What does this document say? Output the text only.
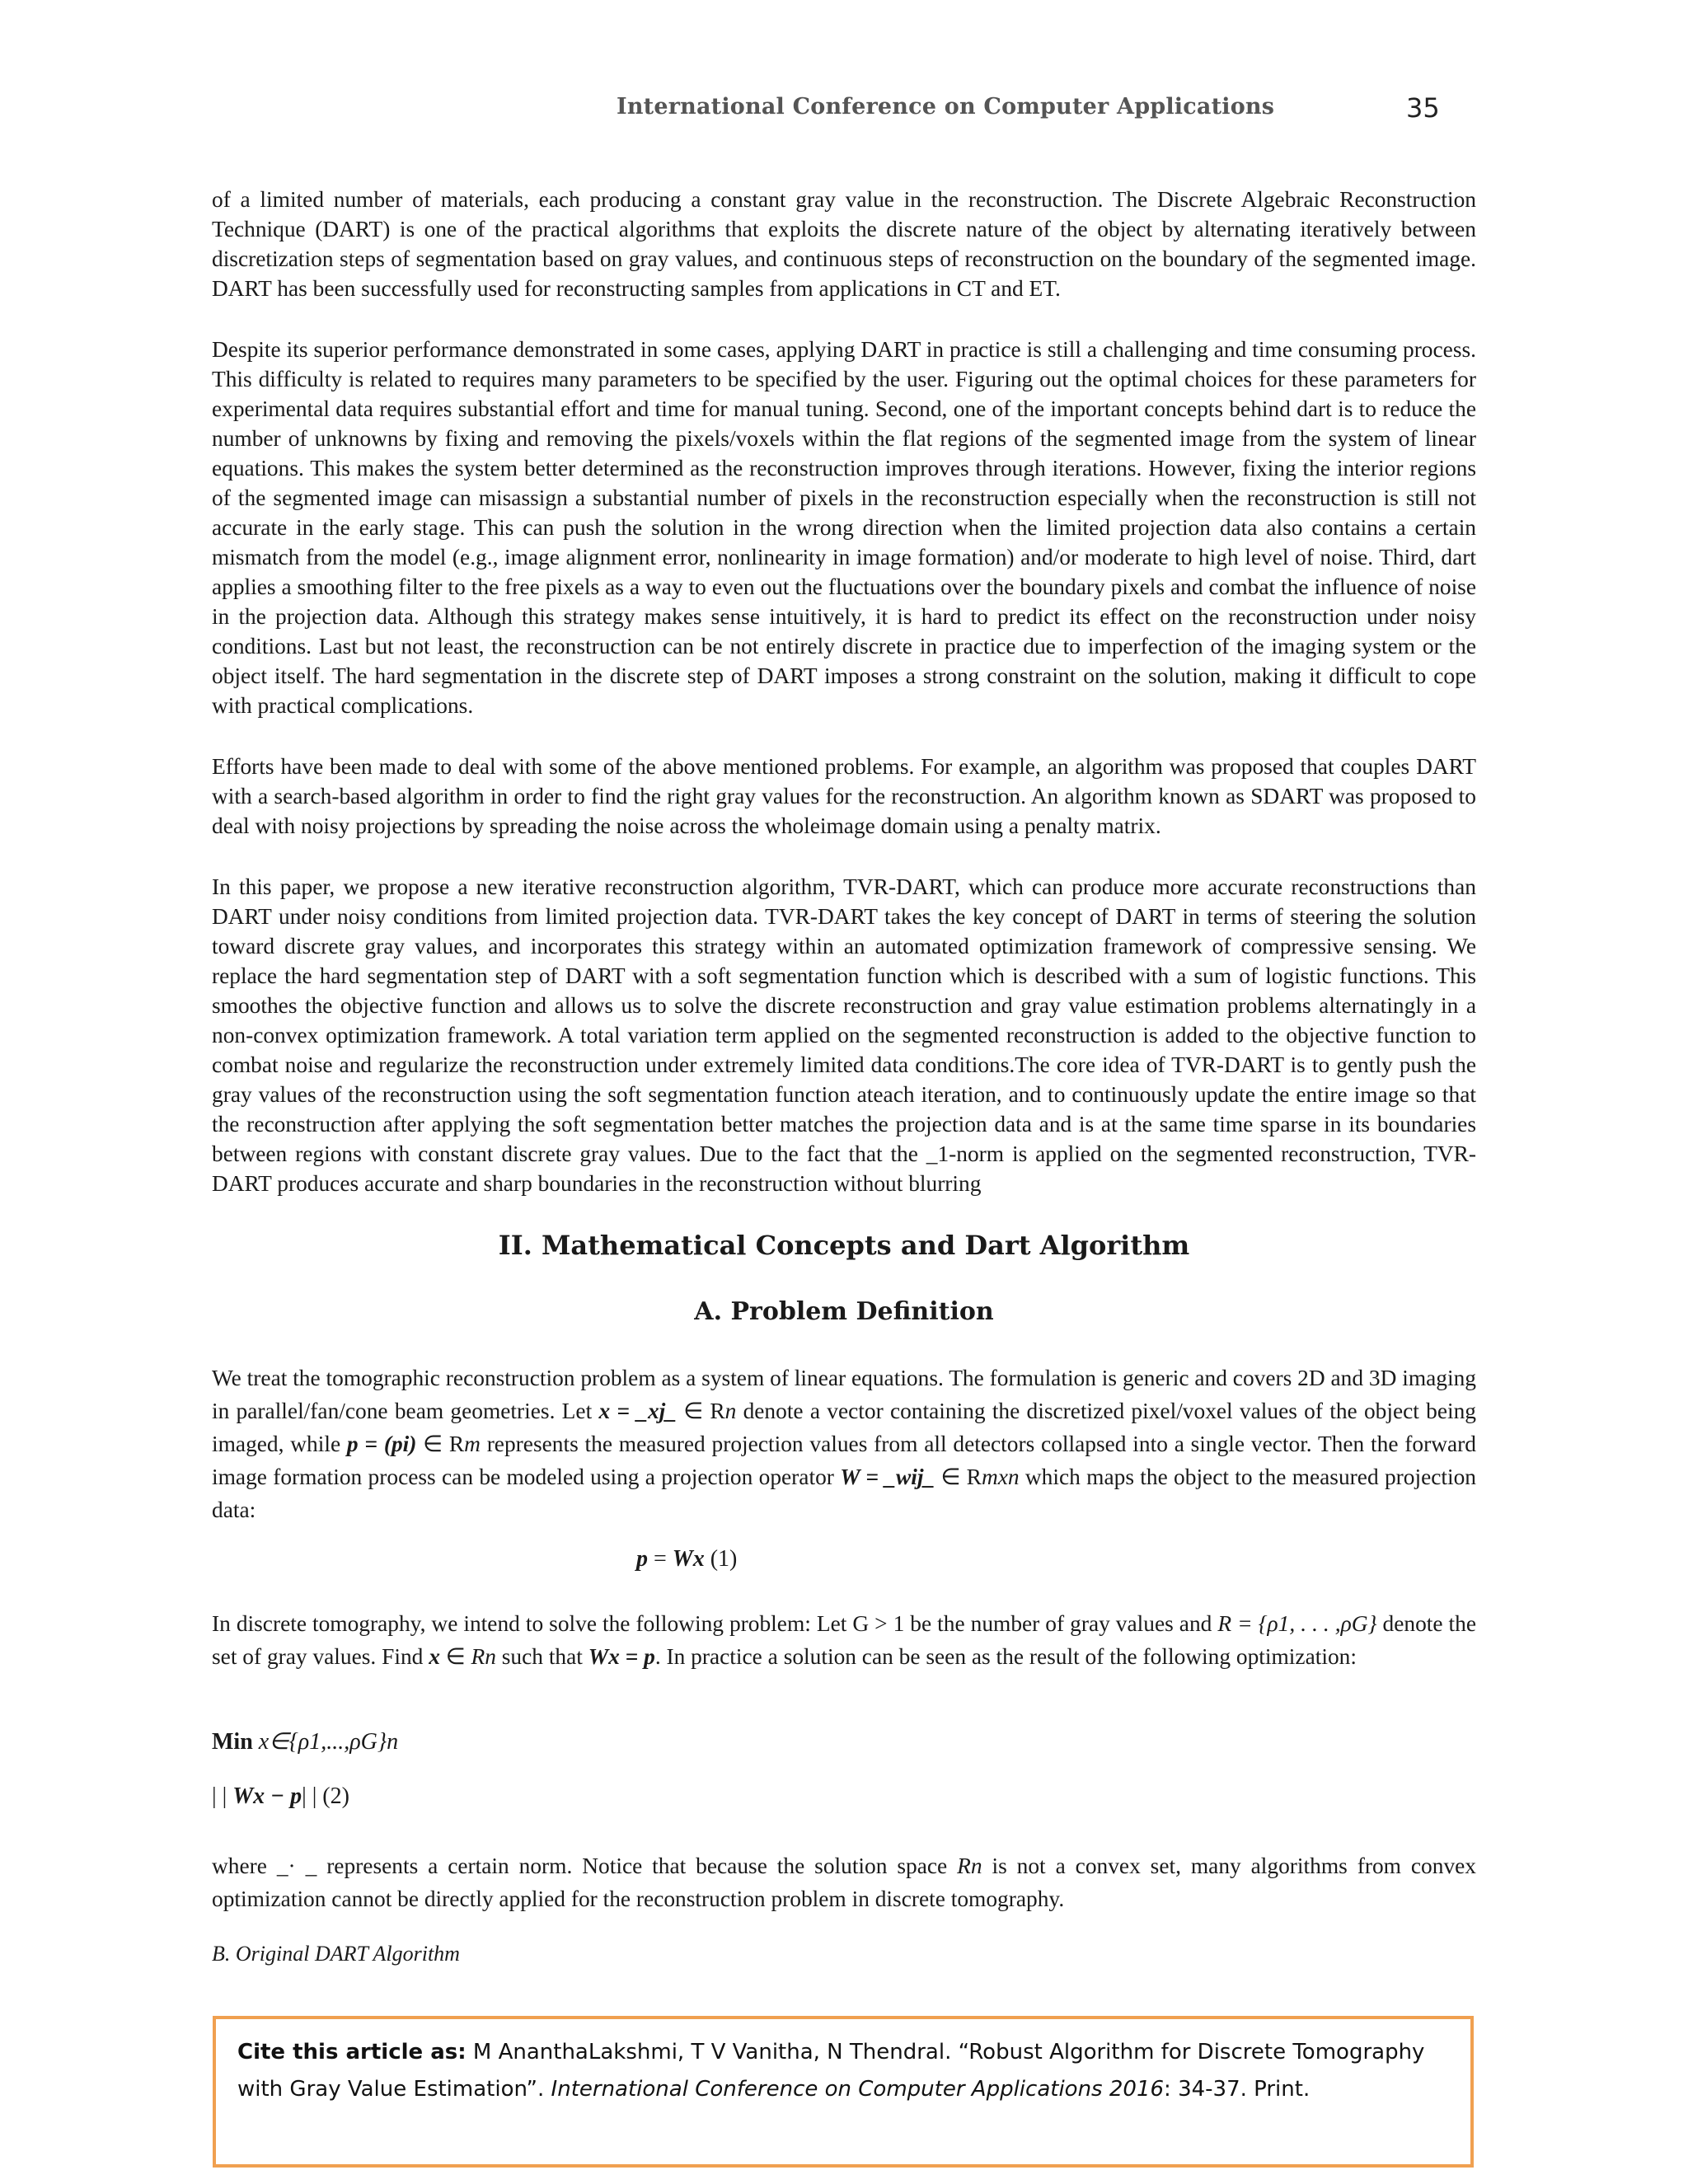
International Conference on Computer Applications	35

of a limited number of materials, each producing a constant gray value in the reconstruction. The Discrete Algebraic Reconstruction Technique (DART) is one of the practical algorithms that exploits the discrete nature of the object by alternating iteratively between discretization steps of segmentation based on gray values, and continuous steps of reconstruction on the boundary of the segmented image. DART has been successfully used for reconstructing samples from applications in CT and ET.

Despite its superior performance demonstrated in some cases, applying DART in practice is still a challenging and time consuming process. This difficulty is related to requires many parameters to be specified by the user. Figuring out the optimal choices for these parameters for experimental data requires substantial effort and time for manual tuning. Second, one of the important concepts behind dart is to reduce the number of unknowns by fixing and removing the pixels/voxels within the flat regions of the segmented image from the system of linear equations. This makes the system better determined as the reconstruction improves through iterations. However, fixing the interior regions of the segmented image can misassign a substantial number of pixels in the reconstruction especially when the reconstruction is still not accurate in the early stage. This can push the solution in the wrong direction when the limited projection data also contains a certain mismatch from the model (e.g., image alignment error, nonlinearity in image formation) and/or moderate to high level of noise. Third, dart applies a smoothing filter to the free pixels as a way to even out the fluctuations over the boundary pixels and combat the influence of noise in the projection data. Although this strategy makes sense intuitively, it is hard to predict its effect on the reconstruction under noisy conditions. Last but not least, the reconstruction can be not entirely discrete in practice due to imperfection of the imaging system or the object itself. The hard segmentation in the discrete step of DART imposes a strong constraint on the solution, making it difficult to cope with practical complications.

Efforts have been made to deal with some of the above mentioned problems. For example, an algorithm was proposed that couples DART with a search-based algorithm in order to find the right gray values for the reconstruction. An algorithm known as SDART was proposed to deal with noisy projections by spreading the noise across the wholeimage domain using a penalty matrix.

In this paper, we propose a new iterative reconstruction algorithm, TVR-DART, which can produce more accurate reconstructions than DART under noisy conditions from limited projection data. TVR-DART takes the key concept of DART in terms of steering the solution toward discrete gray values, and incorporates this strategy within an automated optimization framework of compressive sensing. We replace the hard segmentation step of DART with a soft segmentation function which is described with a sum of logistic functions. This smoothes the objective function and allows us to solve the discrete reconstruction and gray value estimation problems alternatingly in a non-convex optimization framework. A total variation term applied on the segmented reconstruction is added to the objective function to combat noise and regularize the reconstruction under extremely limited data conditions.The core idea of TVR-DART is to gently push the gray values of the reconstruction using the soft segmentation function ateach iteration, and to continuously update the entire image so that the reconstruction after applying the soft segmentation better matches the projection data and is at the same time sparse in its boundaries between regions with constant discrete gray values. Due to the fact that the _1-norm is applied on the segmented reconstruction, TVR-DART produces accurate and sharp boundaries in the reconstruction without blurring

II. Mathematical Concepts and Dart Algorithm
A. Problem Definition

We treat the tomographic reconstruction problem as a system of linear equations. The formulation is generic and covers 2D and 3D imaging in parallel/fan/cone beam geometries. Let x = _xj_ ∈ Rn denote a vector containing the discretized pixel/voxel values of the object being imaged, while p = (pi) ∈ Rm represents the measured projection values from all detectors collapsed into a single vector. Then the forward image formation process can be modeled using a projection operator W = _wij_ ∈ Rmxn which maps the object to the measured projection data:

p = Wx (1)

In discrete tomography, we intend to solve the following problem: Let G > 1 be the number of gray values and R = {ρ1, . . . ,ρG} denote the set of gray values. Find x ∈ Rn such that Wx = p. In practice a solution can be seen as the result of the following optimization:

Min x∈{ρ1,...,ρG}n
| | Wx − p| | (2)

where _· _ represents a certain norm. Notice that because the solution space Rn is not a convex set, many algorithms from convex optimization cannot be directly applied for the reconstruction problem in discrete tomography.

B. Original DART Algorithm
Cite this article as: M AnanthaLakshmi, T V Vanitha, N Thendral. “Robust Algorithm for Discrete Tomography with Gray Value Estimation”. International Conference on Computer Applications 2016: 34-37. Print.
